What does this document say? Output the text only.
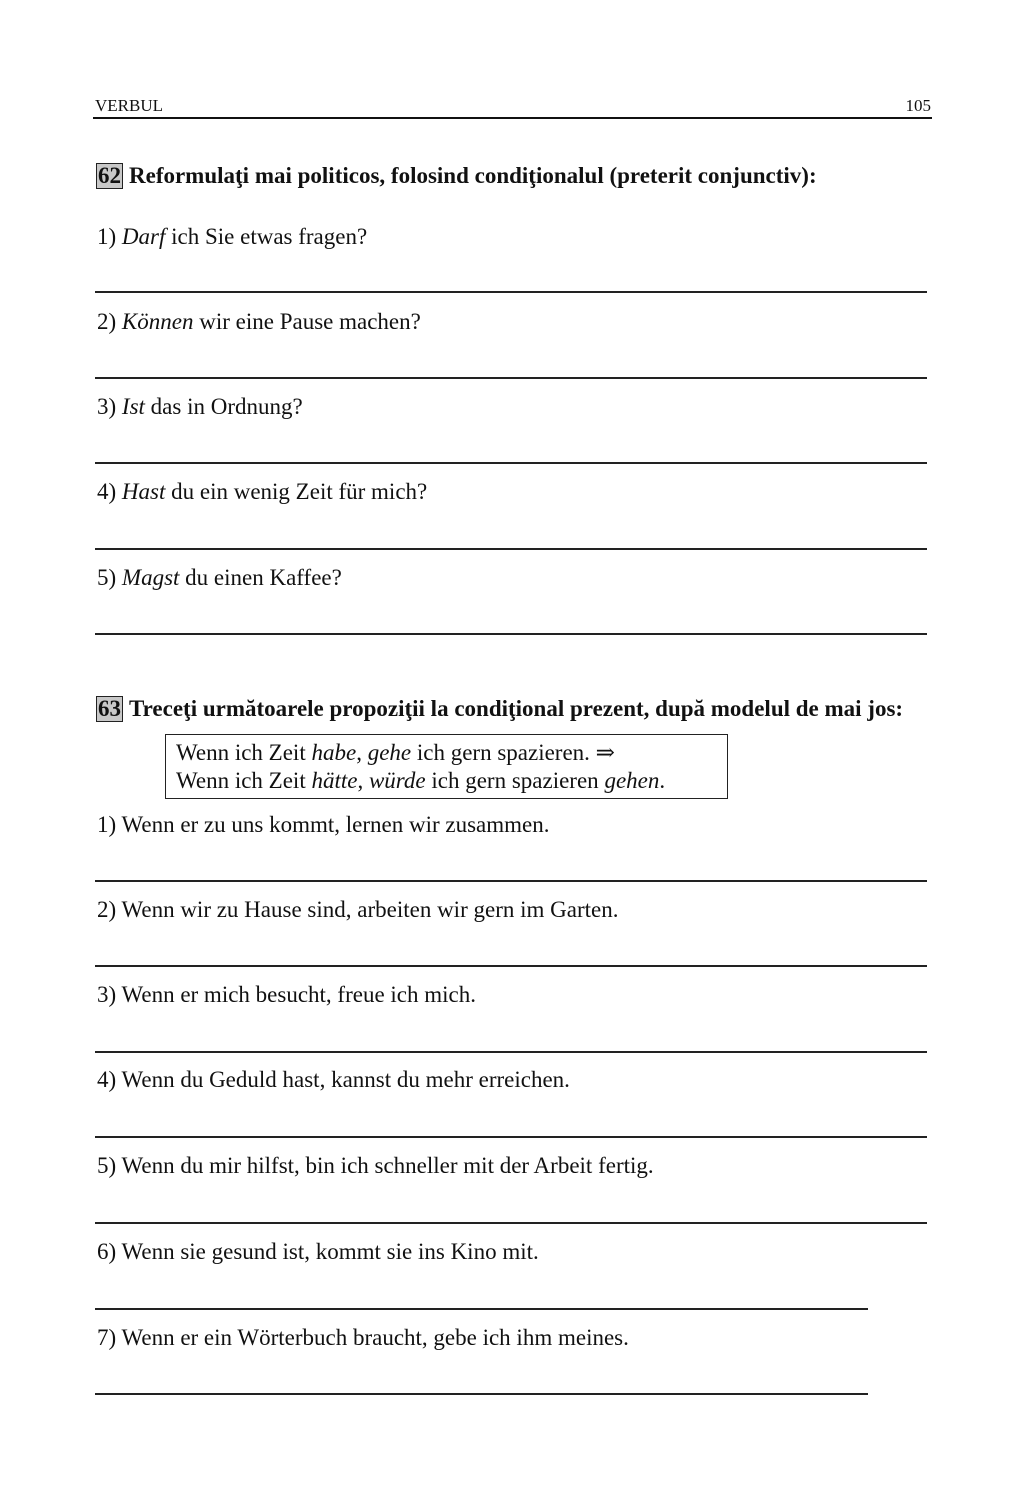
VERBUL	105
62 Reformulaţi mai politicos, folosind condiţionalul (preterit conjunctiv):
63 Treceţi următoarele propoziţii la condiţional prezent, după modelul de mai jos:
Wenn ich Zeit habe, gehe ich gern spazieren. ⇒
Wenn ich Zeit hätte, würde ich gern spazieren gehen.
1) Darf ich Sie etwas fragen?
2) Können wir eine Pause machen?
3) Ist das in Ordnung?
4) Hast du ein wenig Zeit für mich?
5) Magst du einen Kaffee?
1) Wenn er zu uns kommt, lernen wir zusammen.
2) Wenn wir zu Hause sind, arbeiten wir gern im Garten.
3) Wenn er mich besucht, freue ich mich.
4) Wenn du Geduld hast, kannst du mehr erreichen.
5) Wenn du mir hilfst, bin ich schneller mit der Arbeit fertig.
6) Wenn sie gesund ist, kommt sie ins Kino mit.
7) Wenn er ein Wörterbuch braucht, gebe ich ihm meines.
